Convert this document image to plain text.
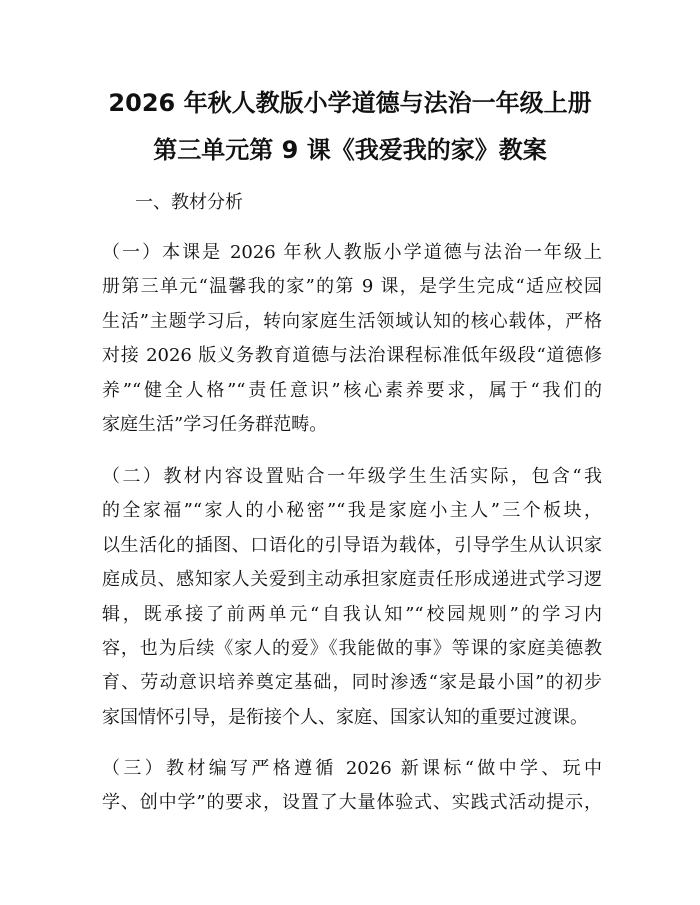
2026 年秋人教版小学道德与法治一年级上册
第三单元第 9 课《我爱我的家》教案
一、教材分析

（一）本课是 2026 年秋人教版小学道德与法治一年级上
册第三单元“温馨我的家”的第 9 课，是学生完成“适应校园
生活”主题学习后，转向家庭生活领域认知的核心载体，严格
对接 2026 版义务教育道德与法治课程标准低年级段“道德修
养”“健全人格”“责任意识”核心素养要求，属于“我们的
家庭生活”学习任务群范畴。

（二）教材内容设置贴合一年级学生生活实际，包含“我
的全家福”“家人的小秘密”“我是家庭小主人”三个板块，
以生活化的插图、口语化的引导语为载体，引导学生从认识家
庭成员、感知家人关爱到主动承担家庭责任形成递进式学习逻
辑，既承接了前两单元“自我认知”“校园规则”的学习内
容，也为后续《家人的爱》《我能做的事》等课的家庭美德教
育、劳动意识培养奠定基础，同时渗透“家是最小国”的初步
家国情怀引导，是衔接个人、家庭、国家认知的重要过渡课。

（三）教材编写严格遵循 2026 新课标“做中学、玩中
学、创中学”的要求，设置了大量体验式、实践式活动提示，
